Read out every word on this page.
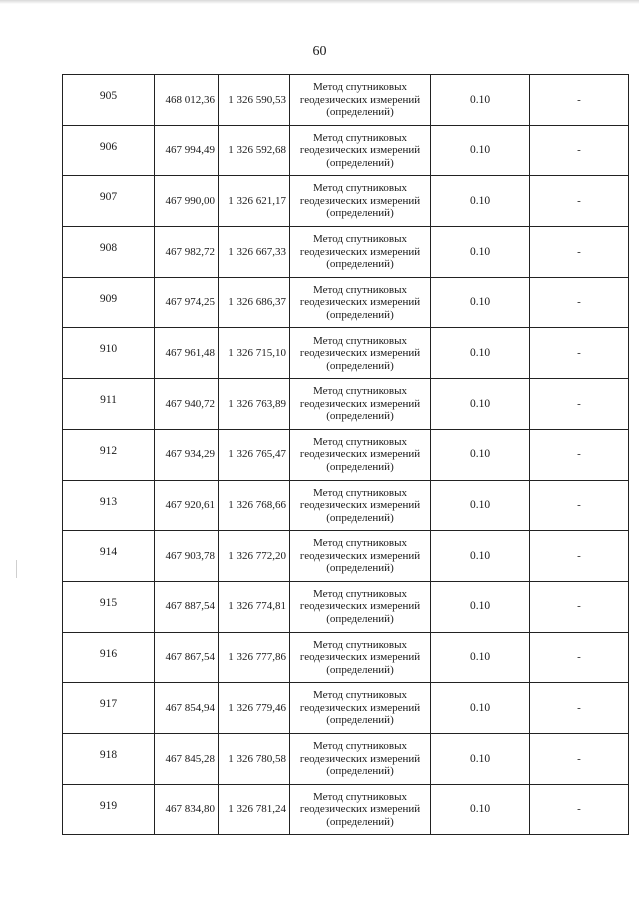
60
905	468 012,36	1 326 590,53	Метод спутниковых
геодезических измерений
(определений)	0.10	-
906	467 994,49	1 326 592,68	Метод спутниковых
геодезических измерений
(определений)	0.10	-
907	467 990,00	1 326 621,17	Метод спутниковых
геодезических измерений
(определений)	0.10	-
908	467 982,72	1 326 667,33	Метод спутниковых
геодезических измерений
(определений)	0.10	-
909	467 974,25	1 326 686,37	Метод спутниковых
геодезических измерений
(определений)	0.10	-
910	467 961,48	1 326 715,10	Метод спутниковых
геодезических измерений
(определений)	0.10	-
911	467 940,72	1 326 763,89	Метод спутниковых
геодезических измерений
(определений)	0.10	-
912	467 934,29	1 326 765,47	Метод спутниковых
геодезических измерений
(определений)	0.10	-
913	467 920,61	1 326 768,66	Метод спутниковых
геодезических измерений
(определений)	0.10	-
914	467 903,78	1 326 772,20	Метод спутниковых
геодезических измерений
(определений)	0.10	-
915	467 887,54	1 326 774,81	Метод спутниковых
геодезических измерений
(определений)	0.10	-
916	467 867,54	1 326 777,86	Метод спутниковых
геодезических измерений
(определений)	0.10	-
917	467 854,94	1 326 779,46	Метод спутниковых
геодезических измерений
(определений)	0.10	-
918	467 845,28	1 326 780,58	Метод спутниковых
геодезических измерений
(определений)	0.10	-
919	467 834,80	1 326 781,24	Метод спутниковых
геодезических измерений
(определений)	0.10	-
